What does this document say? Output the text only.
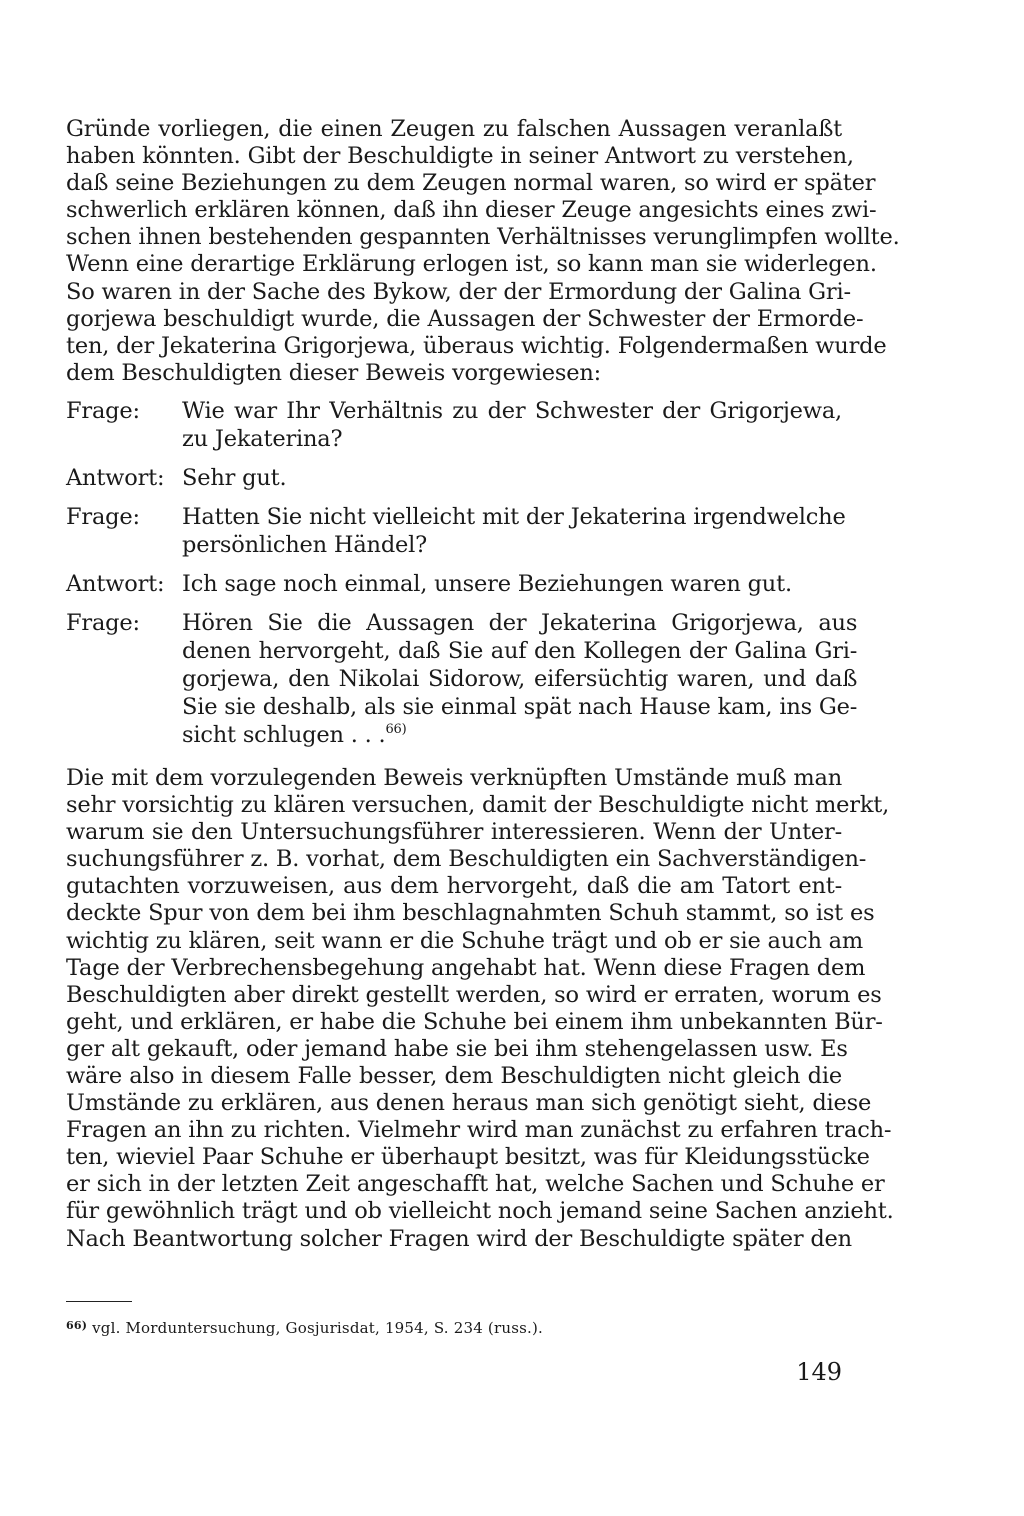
Gründe vorliegen, die einen Zeugen zu falschen Aussagen veranlaßt
haben könnten. Gibt der Beschuldigte in seiner Antwort zu verstehen,
daß seine Beziehungen zu dem Zeugen normal waren, so wird er später
schwerlich erklären können, daß ihn dieser Zeuge angesichts eines zwi-
schen ihnen bestehenden gespannten Verhältnisses verunglimpfen wollte.
Wenn eine derartige Erklärung erlogen ist, so kann man sie widerlegen.
So waren in der Sache des Bykow, der der Ermordung der Galina Gri-
gorjewa beschuldigt wurde, die Aussagen der Schwester der Ermorde-
ten, der Jekaterina Grigorjewa, überaus wichtig. Folgendermaßen wurde
dem Beschuldigten dieser Beweis vorgewiesen:

Frage:	Wie war Ihr Verhältnis zu der Schwester der Grigorjewa,
zu Jekaterina?
Antwort: Sehr gut.
Frage:	Hatten Sie nicht vielleicht mit der Jekaterina irgendwelche
persönlichen Händel?
Antwort: Ich sage noch einmal, unsere Beziehungen waren gut.
Frage:	Hören Sie die Aussagen der Jekaterina Grigorjewa, aus
denen hervorgeht, daß Sie auf den Kollegen der Galina Gri-
gorjewa, den Nikolai Sidorow, eifersüchtig waren, und daß
Sie sie deshalb, als sie einmal spät nach Hause kam, ins Ge-
sicht schlugen . . .$^{66)}$

Die mit dem vorzulegenden Beweis verknüpften Umstände muß man
sehr vorsichtig zu klären versuchen, damit der Beschuldigte nicht merkt,
warum sie den Untersuchungsführer interessieren. Wenn der Unter-
suchungsführer z. B. vorhat, dem Beschuldigten ein Sachverständigen-
gutachten vorzuweisen, aus dem hervorgeht, daß die am Tatort ent-
deckte Spur von dem bei ihm beschlagnahmten Schuh stammt, so ist es
wichtig zu klären, seit wann er die Schuhe trägt und ob er sie auch am
Tage der Verbrechensbegehung angehabt hat. Wenn diese Fragen dem
Beschuldigten aber direkt gestellt werden, so wird er erraten, worum es
geht, und erklären, er habe die Schuhe bei einem ihm unbekannten Bür-
ger alt gekauft, oder jemand habe sie bei ihm stehengelassen usw. Es
wäre also in diesem Falle besser, dem Beschuldigten nicht gleich die
Umstände zu erklären, aus denen heraus man sich genötigt sieht, diese
Fragen an ihn zu richten. Vielmehr wird man zunächst zu erfahren trach-
ten, wieviel Paar Schuhe er überhaupt besitzt, was für Kleidungsstücke
er sich in der letzten Zeit angeschafft hat, welche Sachen und Schuhe er
für gewöhnlich trägt und ob vielleicht noch jemand seine Sachen anzieht.
Nach Beantwortung solcher Fragen wird der Beschuldigte später den

$^{66)}$ vgl. Morduntersuchung, Gosjurisdat, 1954, S. 234 (russ.).
149
